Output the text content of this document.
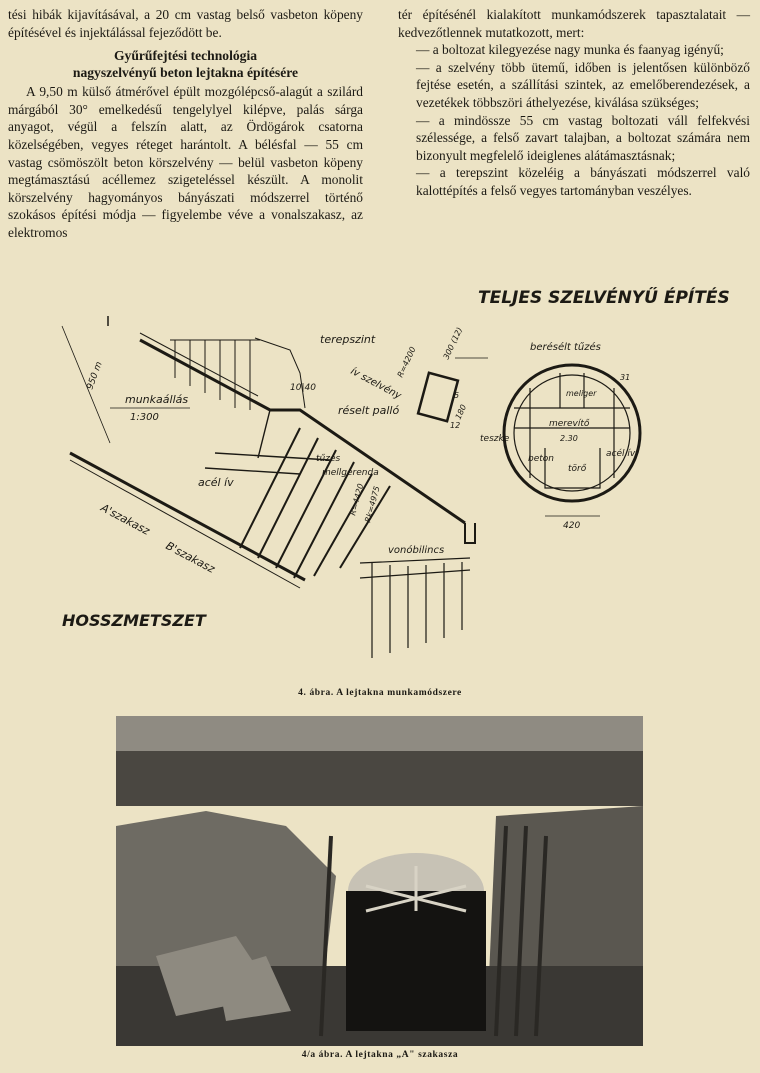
tési hibák kijavításával, a 20 cm vastag belső vasbeton köpeny építésével és injektálással fejeződött be.

Gyűrűfejtési technológia
nagyszelvényű beton lejtakna építésére

A 9,50 m külső átmérővel épült mozgólépcső-alagút a szilárd márgából 30° emelkedésű tengelylyel kilépve, palás sárga anyagot, végül a felszín alatt, az Ördögárok csatorna közelségében, vegyes réteget harántolt. A bélésfal — 55 cm vastag csömöszölt beton körszelvény — belül vasbeton köpeny megtámasztású acéllemez szigeteléssel készült. A monolit körszelvény hagyományos bányászati módszerrel történő szokásos építési módja — figyelembe véve a vonalszakasz, az elektromos

tér építésénél kialakított munkamódszerek tapasztalatait — kedvezőtlennek mutatkozott, mert:

— a boltozat kilegyezése nagy munka és faanyag igényű;

— a szelvény több ütemű, időben is jelentősen különböző fejtése esetén, a szállítási szintek, az emelőberendezések, a vezetékek többszöri áthelyezése, kiválása szükséges;

— a mindössze 55 cm vastag boltozati váll felfekvési szélessége, a felső zavart talajban, a boltozat számára nem bizonyult megfelelő ideiglenes alátámasztásnak;

— a terepszint közeléig a bányászati módszerrel való kalottépítés a felső vegyes tartományban veszélyes.

TELJES SZELVÉNYŰ ÉPÍTÉS
HOSSZMETSZET
terepszint
munkaállás
1:300
950 m	10|40
réselt palló
acél ív
tűzés
mellgerenda
R=4420
Rk=4975
A'szakasz
B'szakasz	vonóbilincs
ív szelvény
R=4200
300 (12)
180
12
5
berésélt tűzés
31
meliger
merevítő
2.30
teszke
beton
törő
acél ív
420
4. ábra. A lejtakna munkamódszere
4/a ábra. A lejtakna „A" szakasza
